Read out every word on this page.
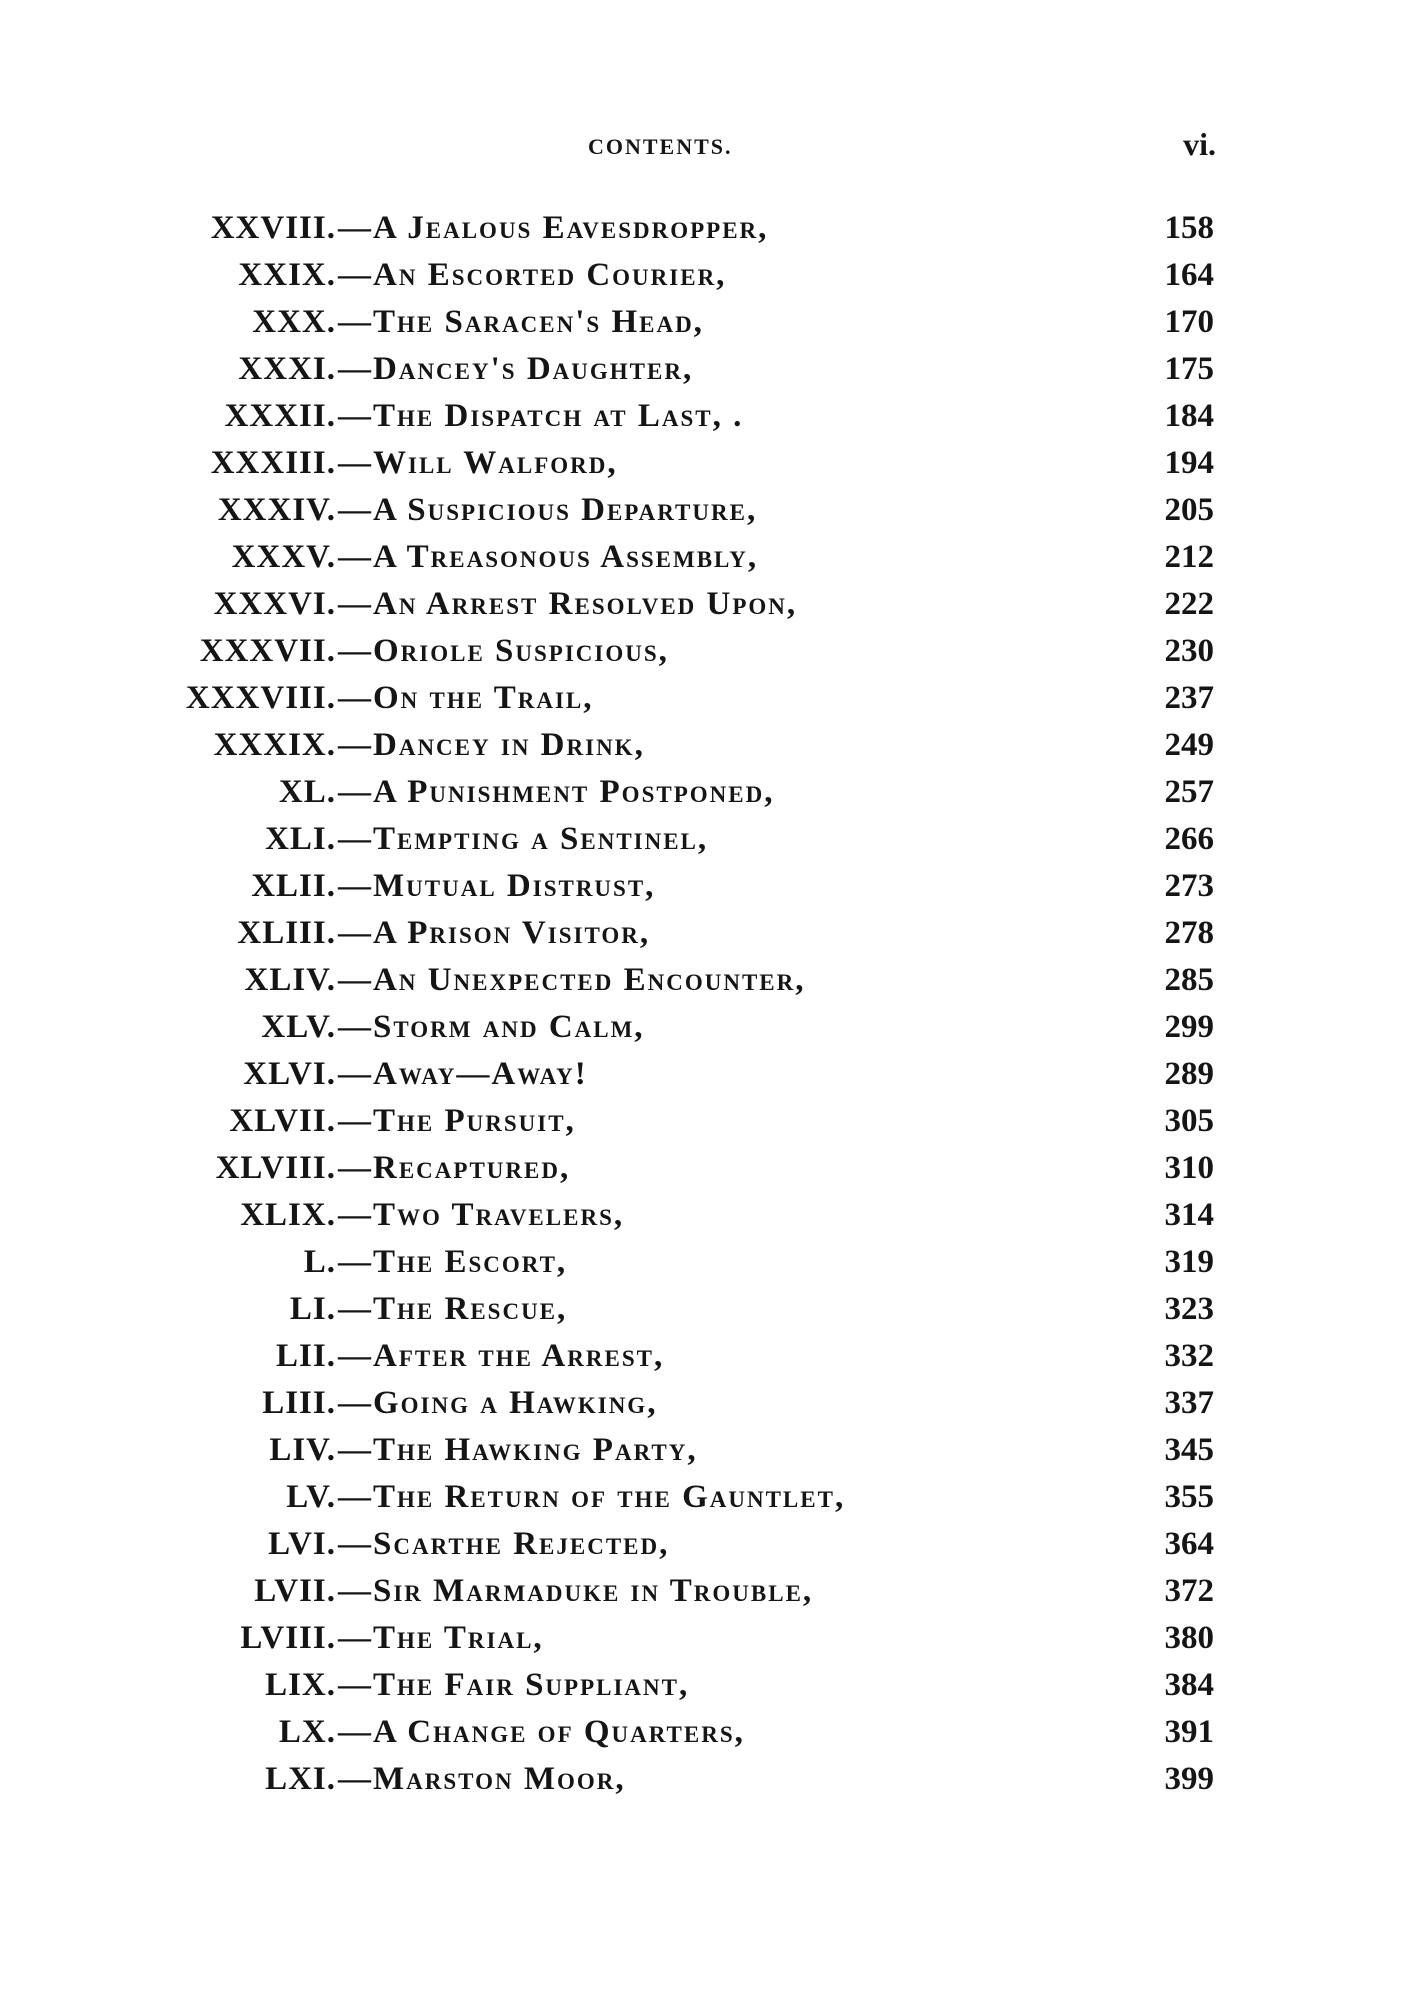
CONTENTS.	vi.
XXVIII. —A Jealous Eavesdropper,	158
XXIX. —An Escorted Courier,	164
XXX. —The Saracen's Head,	170
XXXI. —Dancey's Daughter,	175
XXXII. —The Dispatch at Last, .	184
XXXIII. —Will Walford,	194
XXXIV. —A Suspicious Departure,	205
XXXV. —A Treasonous Assembly,	212
XXXVI. —An Arrest Resolved Upon,	222
XXXVII. —Oriole Suspicious,	230
XXXVIII. —On the Trail,	237
XXXIX. —Dancey in Drink,	249
XL. —A Punishment Postponed,	257
XLI. —Tempting a Sentinel,	266
XLII. —Mutual Distrust,	273
XLIII. —A Prison Visitor,	278
XLIV. —An Unexpected Encounter,	285
XLV. —Storm and Calm,	299
XLVI. —Away—Away!	289
XLVII. —The Pursuit,	305
XLVIII. —Recaptured,	310
XLIX. —Two Travelers,	314
L. —The Escort,	319
LI. —The Rescue,	323
LII. —After the Arrest,	332
LIII. —Going a Hawking,	337
LIV. —The Hawking Party,	345
LV. —The Return of the Gauntlet,	355
LVI. —Scarthe Rejected,	364
LVII. —Sir Marmaduke in Trouble,	372
LVIII. —The Trial,	380
LIX. —The Fair Suppliant,	384
LX. —A Change of Quarters,	391
LXI. —Marston Moor,	399
